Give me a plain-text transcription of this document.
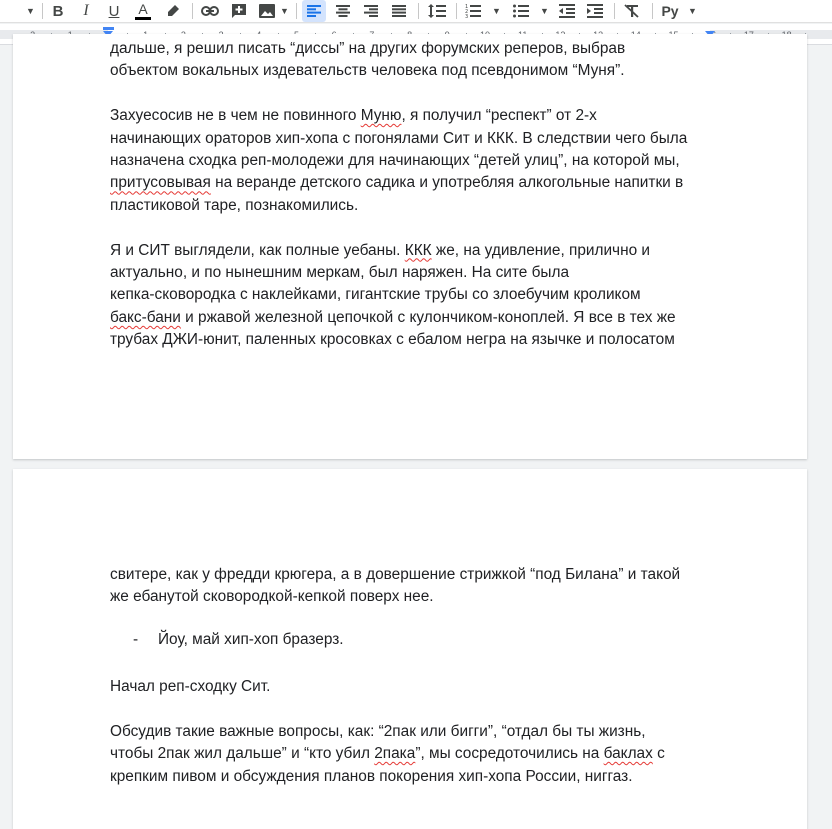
▼	B	I	U	A	▼	1
2
3
▼	▼	Py	▼

дальше, я решил писать “диссы” на других форумских реперов, выбрав

объектом вокальных издевательств человека под псевдонимом “Муня”.

Захуесосив не в чем не повинного Муню, я получил “респект” от 2-х

начинающих ораторов хип-хопа с погонялами Сит и ККК. В следствии чего была

назначена сходка реп-молодежи для начинающих “детей улиц”, на которой мы,

притусовывая на веранде детского садика и употребляя алкогольные напитки в

пластиковой таре, познакомились.

Я и СИТ выглядели, как полные уебаны. ККК же, на удивление, прилично и

актуально, и по нынешним меркам, был наряжен. На сите была

кепка-сковородка с наклейками, гигантские трубы со злоебучим кроликом

бакс-бани и ржавой железной цепочкой с кулончиком-коноплей. Я все в тех же

трубах ДЖИ-юнит, паленных кросовках с ебалом негра на язычке и полосатом

свитере, как у фредди крюгера, а в довершение стрижкой “под Билана” и такой

же ебанутой сковородкой-кепкой поверх нее.

- Йоу, май хип-хоп бразерз.

Начал реп-сходку Сит.

Обсудив такие важные вопросы, как: “2пак или бигги”, “отдал бы ты жизнь,

чтобы 2пак жил дальше” и “кто убил 2пака”, мы сосредоточились на баклах с

крепким пивом и обсуждения планов покорения хип-хопа России, ниггаз.
